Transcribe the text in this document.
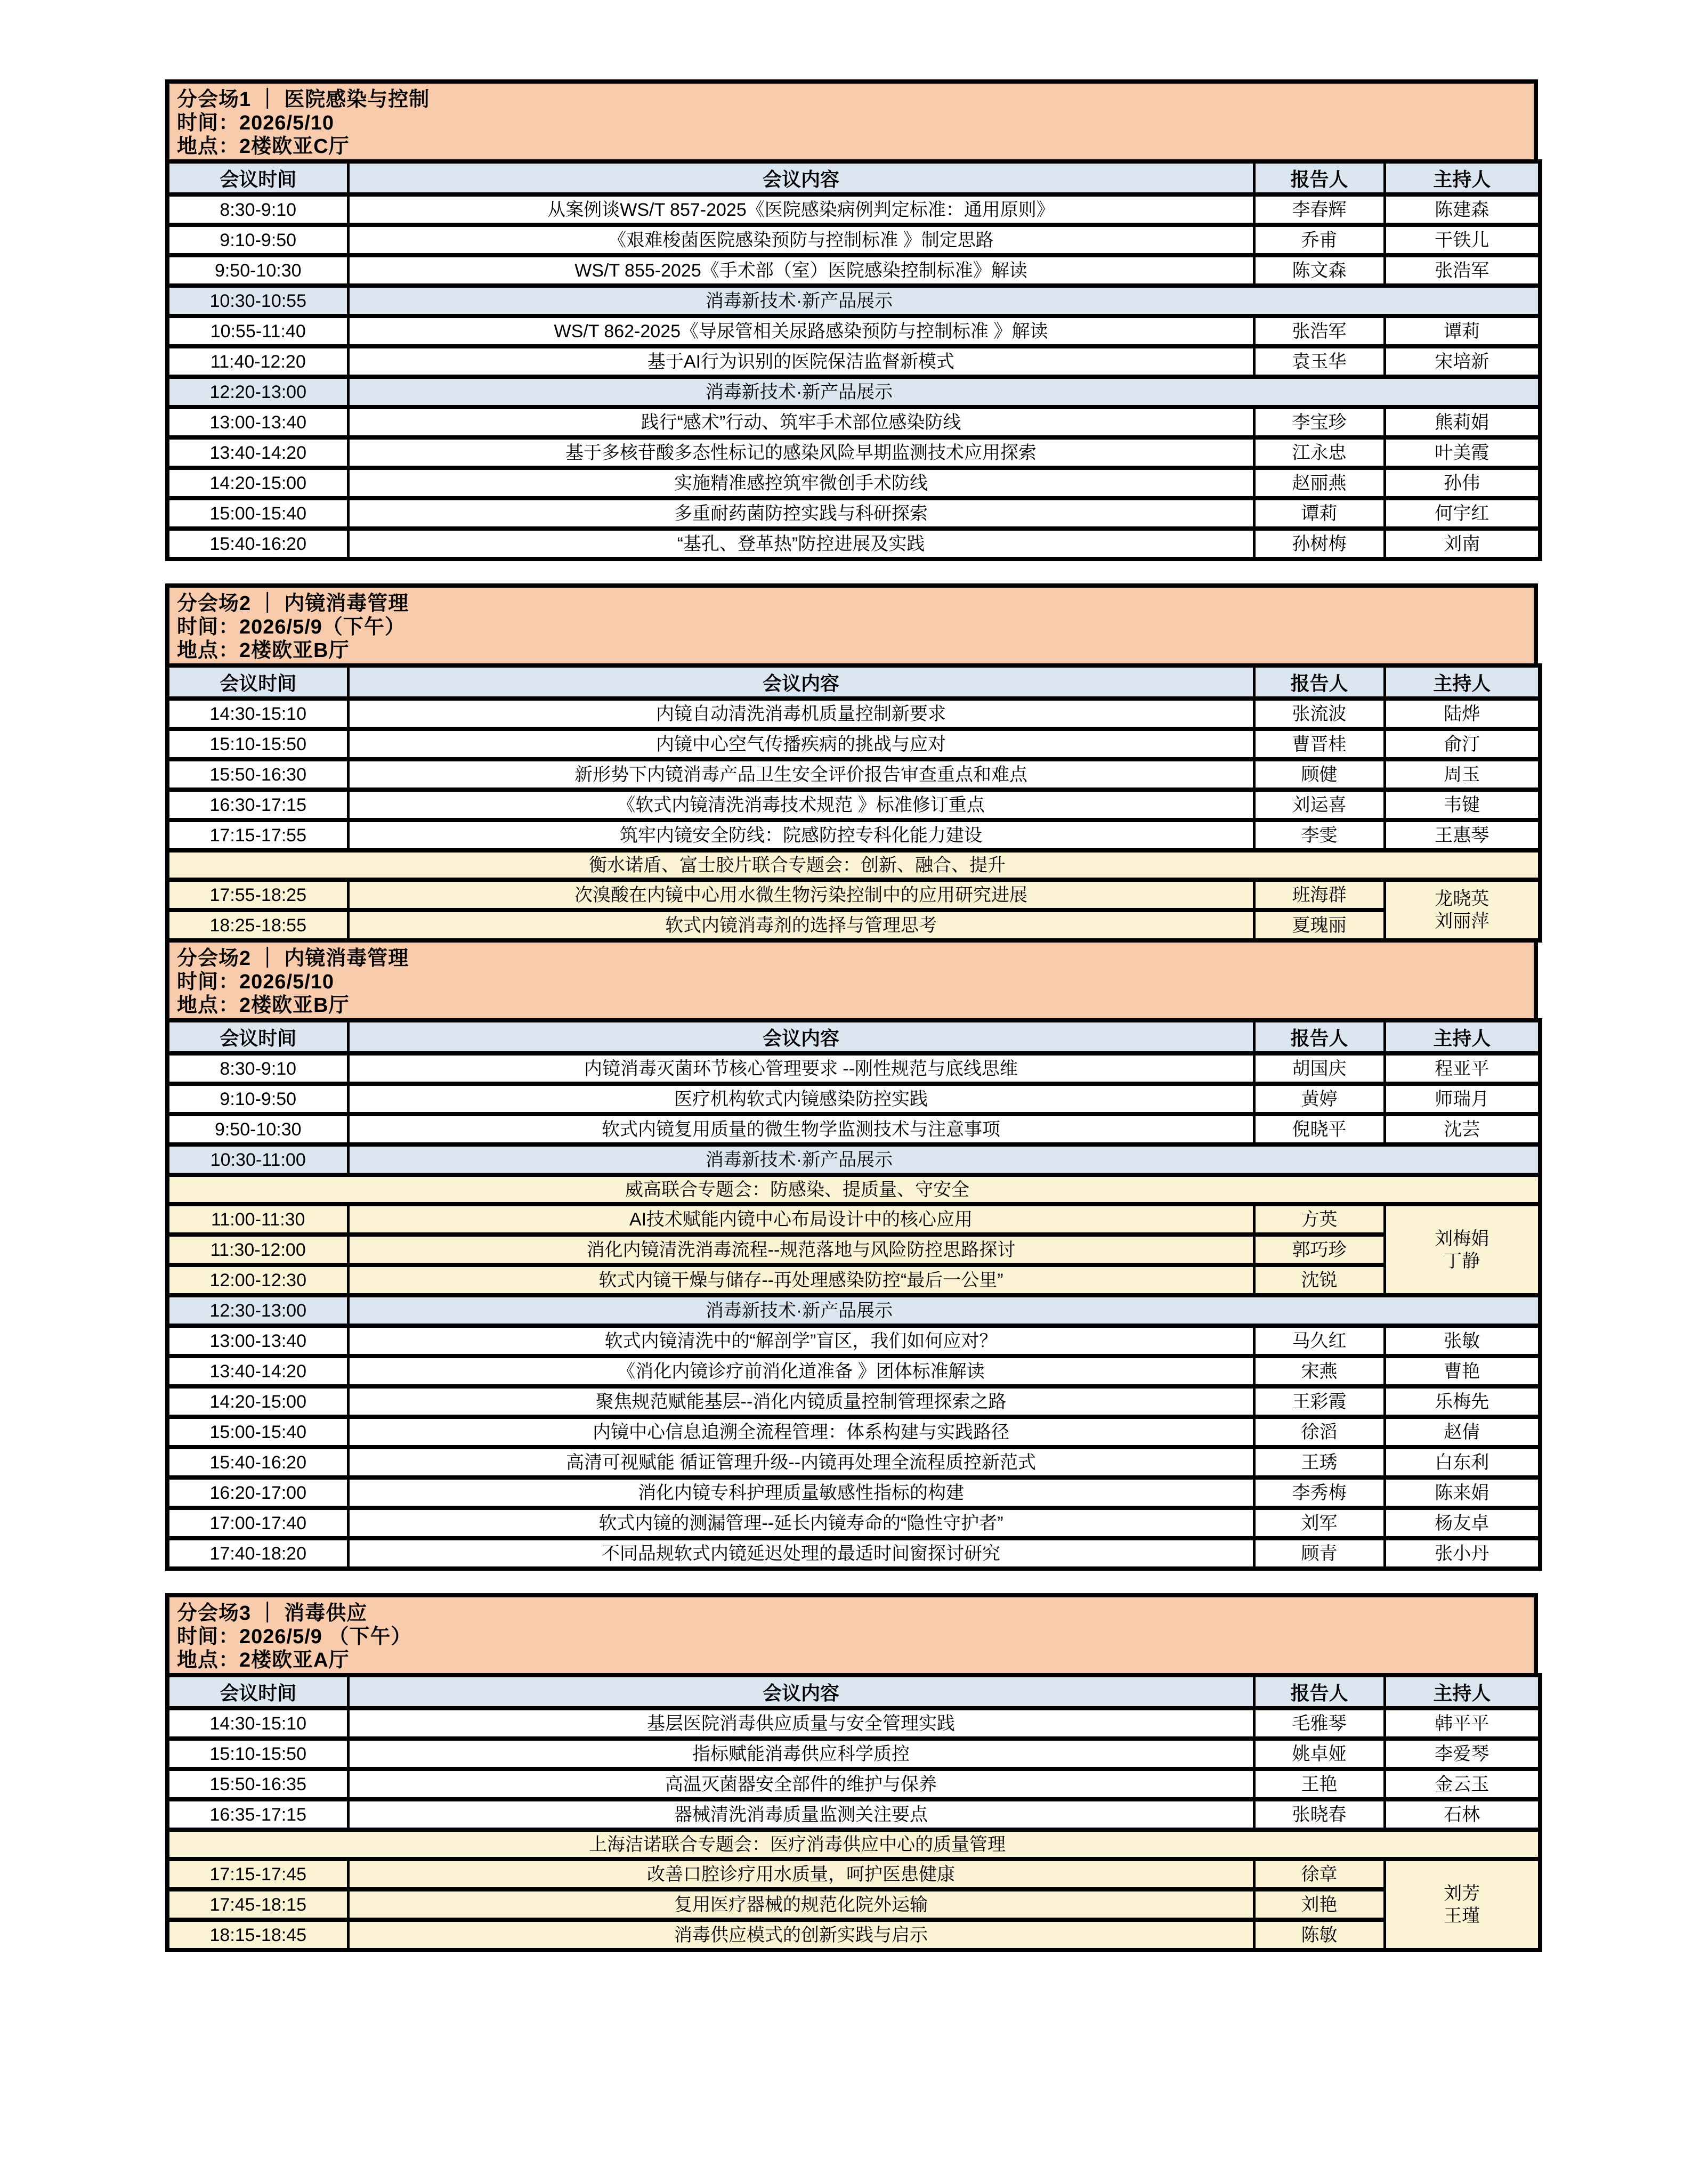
分会场1 ｜ 医院感染与控制

时间：2026/5/10

地点：2楼欧亚C厅

会议时间	会议内容	报告人	主持人
8:30-9:10	从案例谈WS/T 857-2025《医院感染病例判定标准：通用原则》	李春辉	陈建森
9:10-9:50	《艰难梭菌医院感染预防与控制标准 》制定思路	乔甫	干铁儿
9:50-10:30	WS/T 855-2025《手术部（室）医院感染控制标准》解读	陈文森	张浩军
10:30-10:55	消毒新技术·新产品展示		

10:55-11:40	WS/T 862-2025《导尿管相关尿路感染预防与控制标准 》解读	张浩军	谭莉
11:40-12:20	基于AI行为识别的医院保洁监督新模式	袁玉华	宋培新
12:20-13:00	消毒新技术·新产品展示		

13:00-13:40	践行“感术”行动、筑牢手术部位感染防线	李宝珍	熊莉娟
13:40-14:20	基于多核苷酸多态性标记的感染风险早期监测技术应用探索	江永忠	叶美霞
14:20-15:00	实施精准感控筑牢微创手术防线	赵丽燕	孙伟
15:00-15:40	多重耐药菌防控实践与科研探索	谭莉	何宇红
15:40-16:20	“基孔、登革热”防控进展及实践	孙树梅	刘南

分会场2 ｜ 内镜消毒管理

时间：2026/5/9（下午）

地点：2楼欧亚B厅

会议时间	会议内容	报告人	主持人
14:30-15:10	内镜自动清洗消毒机质量控制新要求	张流波	陆烨
15:10-15:50	内镜中心空气传播疾病的挑战与应对	曹晋桂	俞汀
15:50-16:30	新形势下内镜消毒产品卫生安全评价报告审查重点和难点	顾健	周玉
16:30-17:15	《软式内镜清洗消毒技术规范 》标准修订重点	刘运喜	韦键
17:15-17:55	筑牢内镜安全防线：院感防控专科化能力建设	李雯	王惠琴

衡水诺盾、富士胶片联合专题会：创新、融合、提升			

17:55-18:25	次溴酸在内镜中心用水微生物污染控制中的应用研究进展	班海群	龙晓英
刘丽萍

18:25-18:55	软式内镜消毒剂的选择与管理思考	夏瑰丽	

分会场2 ｜ 内镜消毒管理

时间：2026/5/10

地点：2楼欧亚B厅

会议时间	会议内容	报告人	主持人
8:30-9:10	内镜消毒灭菌环节核心管理要求 --刚性规范与底线思维	胡国庆	程亚平
9:10-9:50	医疗机构软式内镜感染防控实践	黄婷	师瑞月
9:50-10:30	软式内镜复用质量的微生物学监测技术与注意事项	倪晓平	沈芸
10:30-11:00	消毒新技术·新产品展示		

威高联合专题会：防感染、提质量、守安全			

11:00-11:30	AI技术赋能内镜中心布局设计中的核心应用	方英	刘梅娟
丁静

11:30-12:00	消化内镜清洗消毒流程--规范落地与风险防控思路探讨	郭巧珍	
12:00-12:30	软式内镜干燥与储存--再处理感染防控“最后一公里”	沈锐	
12:30-13:00	消毒新技术·新产品展示		

13:00-13:40	软式内镜清洗中的“解剖学”盲区，我们如何应对？	马久红	张敏
13:40-14:20	《消化内镜诊疗前消化道准备 》团体标准解读	宋燕	曹艳
14:20-15:00	聚焦规范赋能基层--消化内镜质量控制管理探索之路	王彩霞	乐梅先
15:00-15:40	内镜中心信息追溯全流程管理：体系构建与实践路径	徐滔	赵倩
15:40-16:20	高清可视赋能 循证管理升级--内镜再处理全流程质控新范式	王琇	白东利
16:20-17:00	消化内镜专科护理质量敏感性指标的构建	李秀梅	陈来娟
17:00-17:40	软式内镜的测漏管理--延长内镜寿命的“隐性守护者”	刘军	杨友卓
17:40-18:20	不同品规软式内镜延迟处理的最适时间窗探讨研究	顾青	张小丹

分会场3 ｜ 消毒供应

时间：2026/5/9 （下午）

地点：2楼欧亚A厅

会议时间	会议内容	报告人	主持人
14:30-15:10	基层医院消毒供应质量与安全管理实践	毛雅琴	韩平平
15:10-15:50	指标赋能消毒供应科学质控	姚卓娅	李爱琴
15:50-16:35	高温灭菌器安全部件的维护与保养	王艳	金云玉
16:35-17:15	器械清洗消毒质量监测关注要点	张晓春	石林

上海洁诺联合专题会：医疗消毒供应中心的质量管理			

17:15-17:45	改善口腔诊疗用水质量，呵护医患健康	徐章	刘芳
王瑾

17:45-18:15	复用医疗器械的规范化院外运输	刘艳	
18:15-18:45	消毒供应模式的创新实践与启示	陈敏	
